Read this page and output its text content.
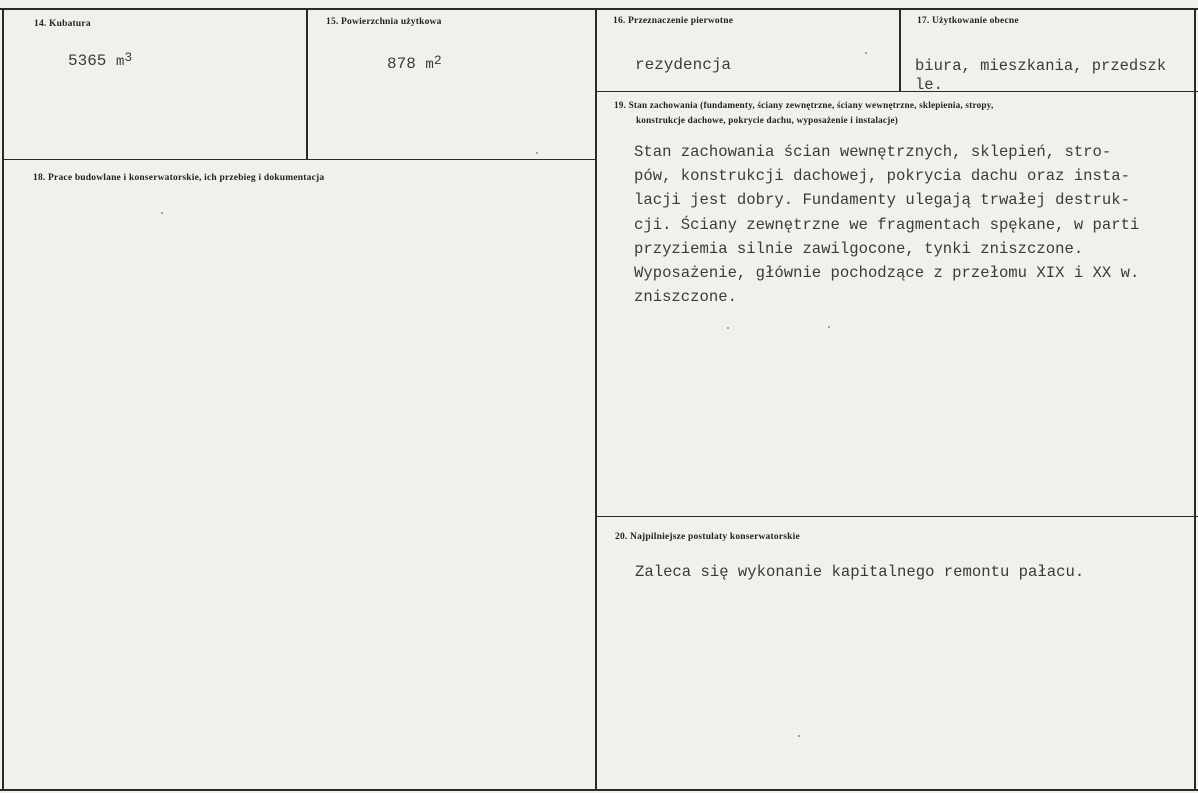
14. Kubatura
5365 $m^3$
15. Powierzchnia użytkowa
878 $m^2$
16. Przeznaczenie pierwotne
rezydencja
17. Użytkowanie obecne
biura, mieszkania, przedszk
le.
18. Prace budowlane i konserwatorskie, ich przebieg i dokumentacja
19. Stan zachowania (fundamenty, ściany zewnętrzne, ściany wewnętrzne, sklepienia, stropy,
konstrukcje dachowe, pokrycie dachu, wyposażenie i instalacje)
Stan zachowania ścian wewnętrznych, sklepień, stro-
pów, konstrukcji dachowej, pokrycia dachu oraz insta-
lacji jest dobry. Fundamenty ulegają trwałej destruk-
cji. Ściany zewnętrzne we fragmentach spękane, w parti
przyziemia silnie zawilgocone, tynki zniszczone.
Wyposażenie, głównie pochodzące z przełomu XIX i XX w.
zniszczone.
20. Najpilniejsze postulaty konserwatorskie
Zaleca się wykonanie kapitalnego remontu pałacu.
